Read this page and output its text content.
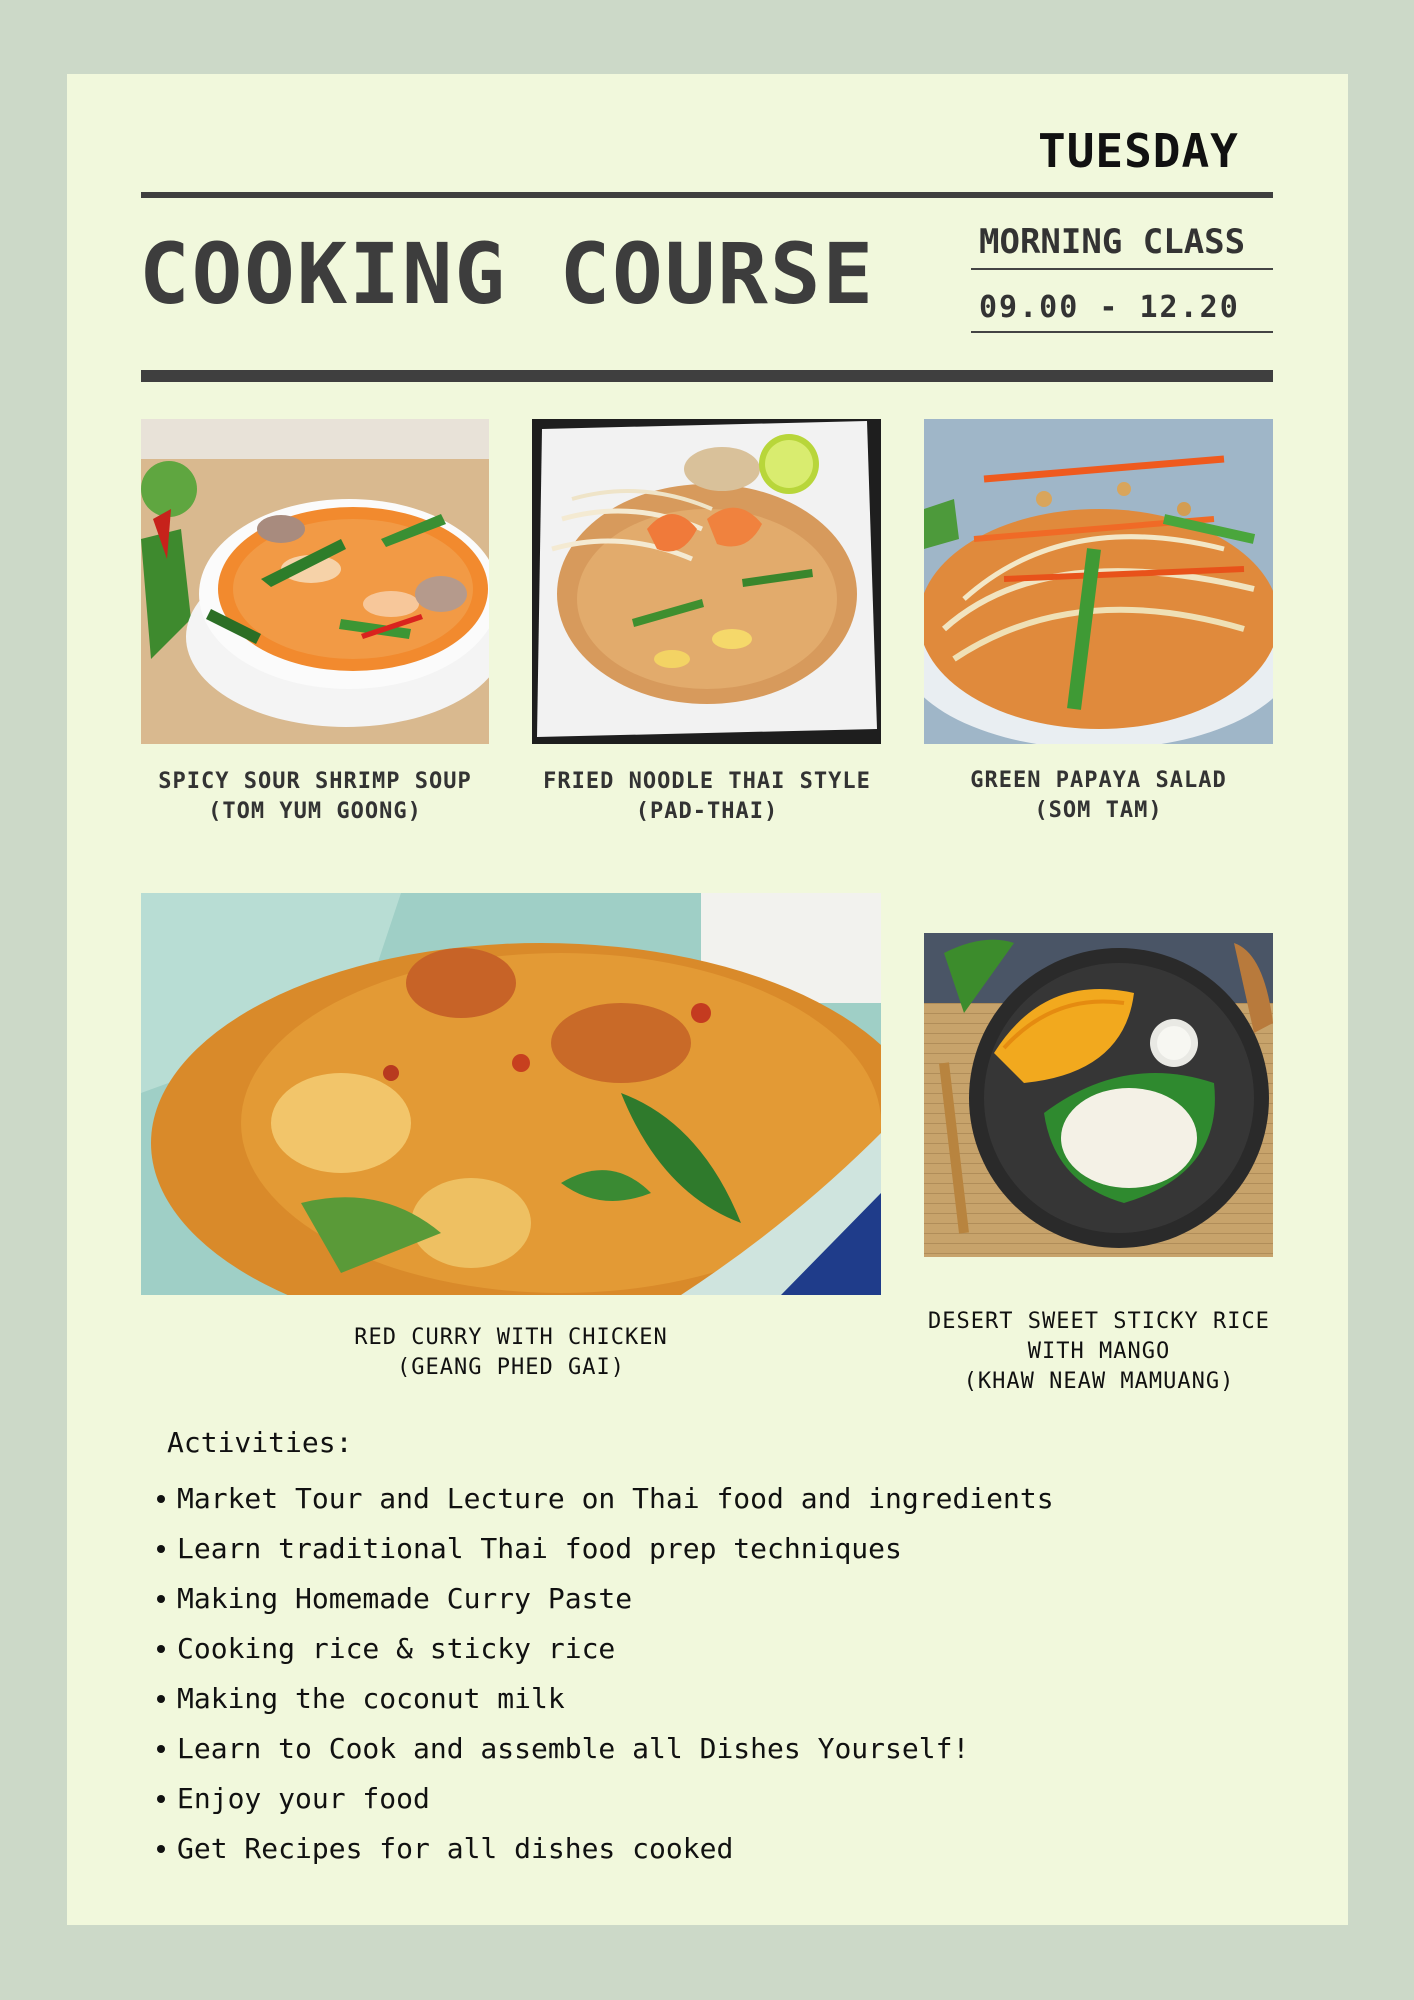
TUESDAY
COOKING COURSE	MORNING CLASS
09.00 - 12.20
SPICY SOUR SHRIMP SOUP
(TOM YUM GOONG)
FRIED NOODLE THAI STYLE
(PAD-THAI)
GREEN PAPAYA SALAD
(SOM TAM)
RED CURRY WITH CHICKEN
(GEANG PHED GAI)
DESERT SWEET STICKY RICE
WITH MANGO
(KHAW NEAW MAMUANG)
Activities:
Market Tour and Lecture on Thai food and ingredients
Learn traditional Thai food prep techniques
Making Homemade Curry Paste
Cooking rice & sticky rice
Making the coconut milk
Learn to Cook and assemble all Dishes Yourself!
Enjoy your food
Get Recipes for all dishes cooked
